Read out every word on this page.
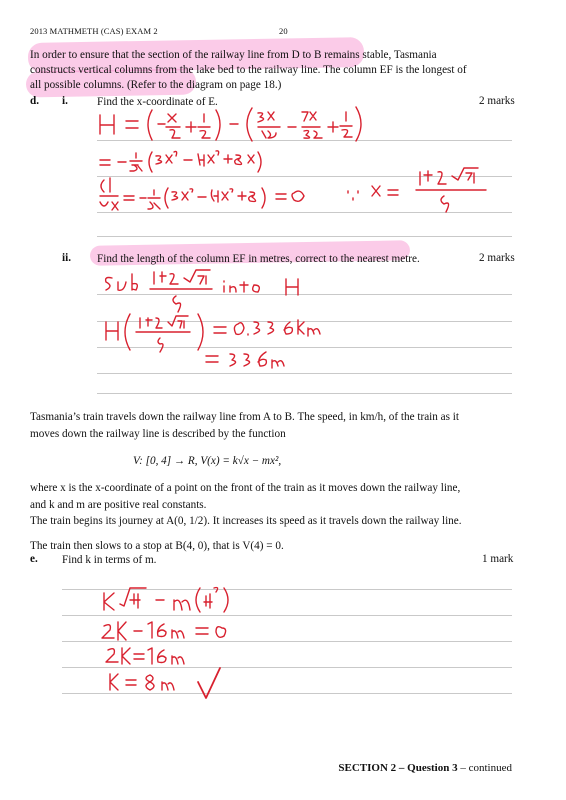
2013 MATHMETH (CAS) EXAM 2	20
In order to ensure that the section of the railway line from D to B remains stable, Tasmania
constructs vertical columns from the lake bed to the railway line. The column EF is the longest of
all possible columns. (Refer to the diagram on page 18.)
d. i.	Find the x-coordinate of E.	2 marks
ii. Find the length of the column EF in metres, correct to the nearest metre.	2 marks
Tasmania’s train travels down the railway line from A to B. The speed, in km/h, of the train as it
moves down the railway line is described by the function
V: [0, 4] → R, V(x) = k√x − mx²,
where x is the x-coordinate of a point on the front of the train as it moves down the railway line,
and k and m are positive real constants.
The train begins its journey at A(0, 1/2). It increases its speed as it travels down the railway line.
The train then slows to a stop at B(4, 0), that is V(4) = 0.
e. Find k in terms of m.	1 mark
SECTION 2 – Question 3 – continued
